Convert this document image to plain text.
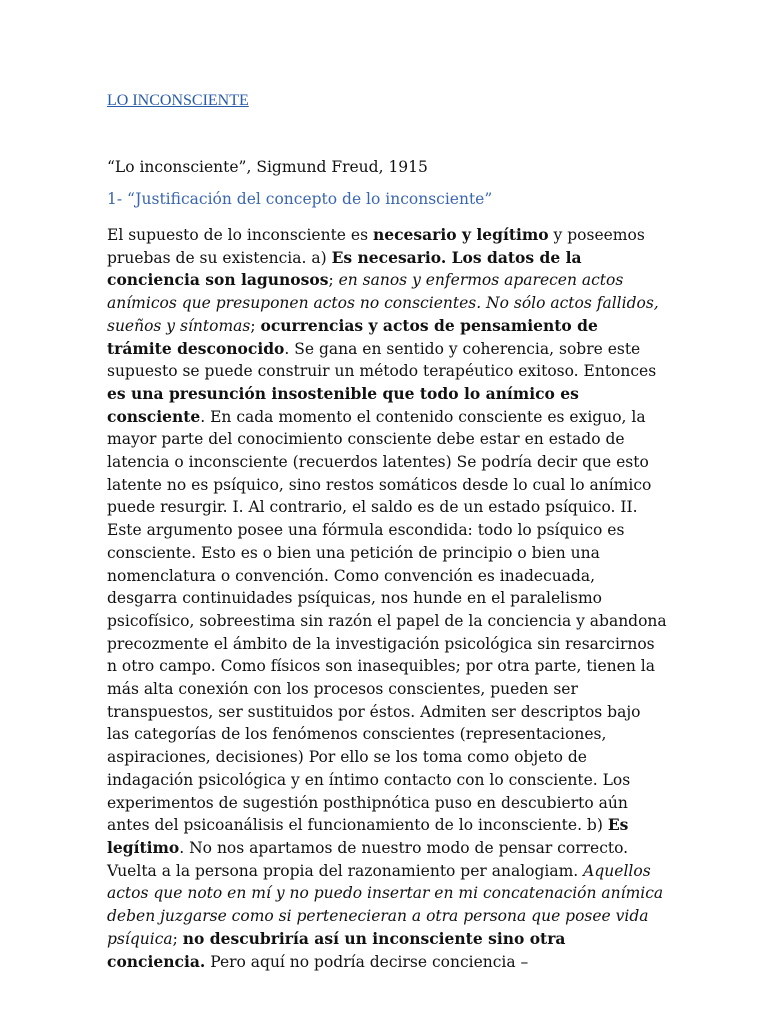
LO INCONSCIENTE

“Lo inconsciente”, Sigmund Freud, 1915

1- “Justificación del concepto de lo inconsciente”

El supuesto de lo inconsciente es necesario y legítimo y poseemos pruebas de su existencia. a) Es necesario. Los datos de la conciencia son lagunosos; en sanos y enfermos aparecen actos anímicos que presuponen actos no conscientes. No sólo actos fallidos, sueños y síntomas; ocurrencias y actos de pensamiento de trámite desconocido. Se gana en sentido y coherencia, sobre este supuesto se puede construir un método terapéutico exitoso. Entonces es una presunción insostenible que todo lo anímico es consciente. En cada momento el contenido consciente es exiguo, la mayor parte del conocimiento consciente debe estar en estado de latencia o inconsciente (recuerdos latentes) Se podría decir que esto latente no es psíquico, sino restos somáticos desde lo cual lo anímico puede resurgir. I. Al contrario, el saldo es de un estado psíquico. II. Este argumento posee una fórmula escondida: todo lo psíquico es consciente. Esto es o bien una petición de principio o bien una nomenclatura o convención. Como convención es inadecuada, desgarra continuidades psíquicas, nos hunde en el paralelismo psicofísico, sobreestima sin razón el papel de la conciencia y abandona precozmente el ámbito de la investigación psicológica sin resarcirnos n otro campo. Como físicos son inasequibles; por otra parte, tienen la más alta conexión con los procesos conscientes, pueden ser transpuestos, ser sustituidos por éstos. Admiten ser descriptos bajo las categorías de los fenómenos conscientes (representaciones, aspiraciones, decisiones) Por ello se los toma como objeto de indagación psicológica y en íntimo contacto con lo consciente. Los experimentos de sugestión posthipnótica puso en descubierto aún antes del psicoanálisis el funcionamiento de lo inconsciente. b) Es legítimo. No nos apartamos de nuestro modo de pensar correcto. Vuelta a la persona propia del razonamiento per analogiam. Aquellos actos que noto en mí y no puedo insertar en mi concatenación anímica deben juzgarse como si pertenecieran a otra persona que posee vida psíquica; no descubriría así un inconsciente sino otra conciencia. Pero aquí no podría decirse conciencia –
